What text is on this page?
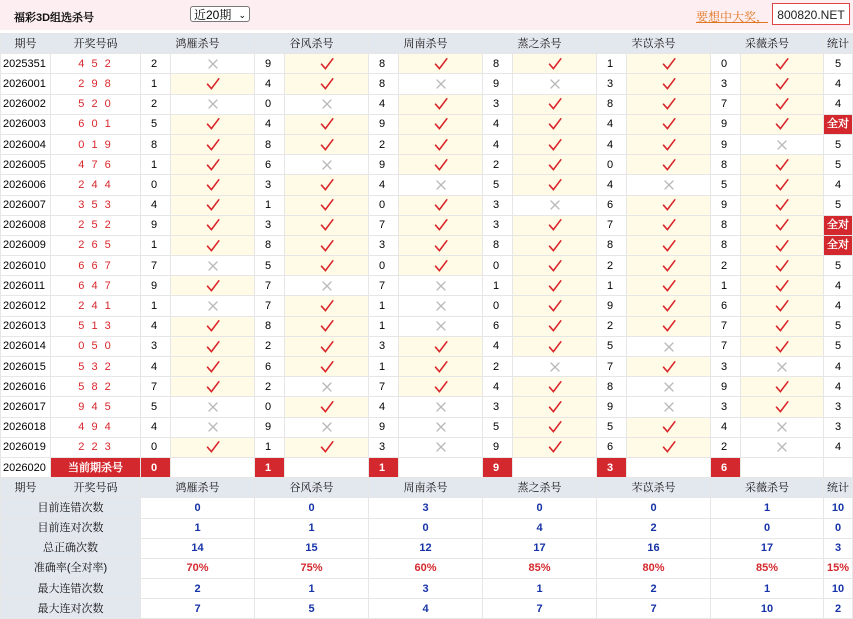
福彩3D组选杀号	近20期 ⌄	要想中大奖， 800820.NET
期号	开奖号码	鸿雁杀号		谷风杀号		周南杀号		蒸之杀号		芣苡杀号		采薇杀号		统计
2025351	4 5 2	2		9		8		8		1		0		5
2026001	2 9 8	1		4		8		9		3		3		4
2026002	5 2 0	2		0		4		3		8		7		4
2026003	6 0 1	5		4		9		4		4		9		全对
2026004	0 1 9	8		8		2		4		4		9		5
2026005	4 7 6	1		6		9		2		0		8		5
2026006	2 4 4	0		3		4		5		4		5		4
2026007	3 5 3	4		1		0		3		6		9		5
2026008	2 5 2	9		3		7		3		7		8		全对
2026009	2 6 5	1		8		3		8		8		8		全对
2026010	6 6 7	7		5		0		0		2		2		5
2026011	6 4 7	9		7		7		1		1		1		4
2026012	2 4 1	1		7		1		0		9		6		4
2026013	5 1 3	4		8		1		6		2		7		5
2026014	0 5 0	3		2		3		4		5		7		5
2026015	5 3 2	4		6		1		2		7		3		4
2026016	5 8 2	7		2		7		4		8		9		4
2026017	9 4 5	5		0		4		3		9		3		3
2026018	4 9 4	4		9		9		5		5		4		3
2026019	2 2 3	0		1		3		9		6		2		4
2026020	当前期杀号	0		1		1		9		3		6		
期号	开奖号码	鸿雁杀号		谷风杀号		周南杀号		蒸之杀号		芣苡杀号		采薇杀号		统计
目前连错次数		0		0		3		0		0		1		10
目前连对次数		1		1		0		4		2		0		0
总正确次数		14		15		12		17		16		17		3
准确率(全对率)		70%		75%		60%		85%		80%		85%		15%
最大连错次数		2		1		3		1		2		1		10
最大连对次数		7		5		4		7		7		10		2
